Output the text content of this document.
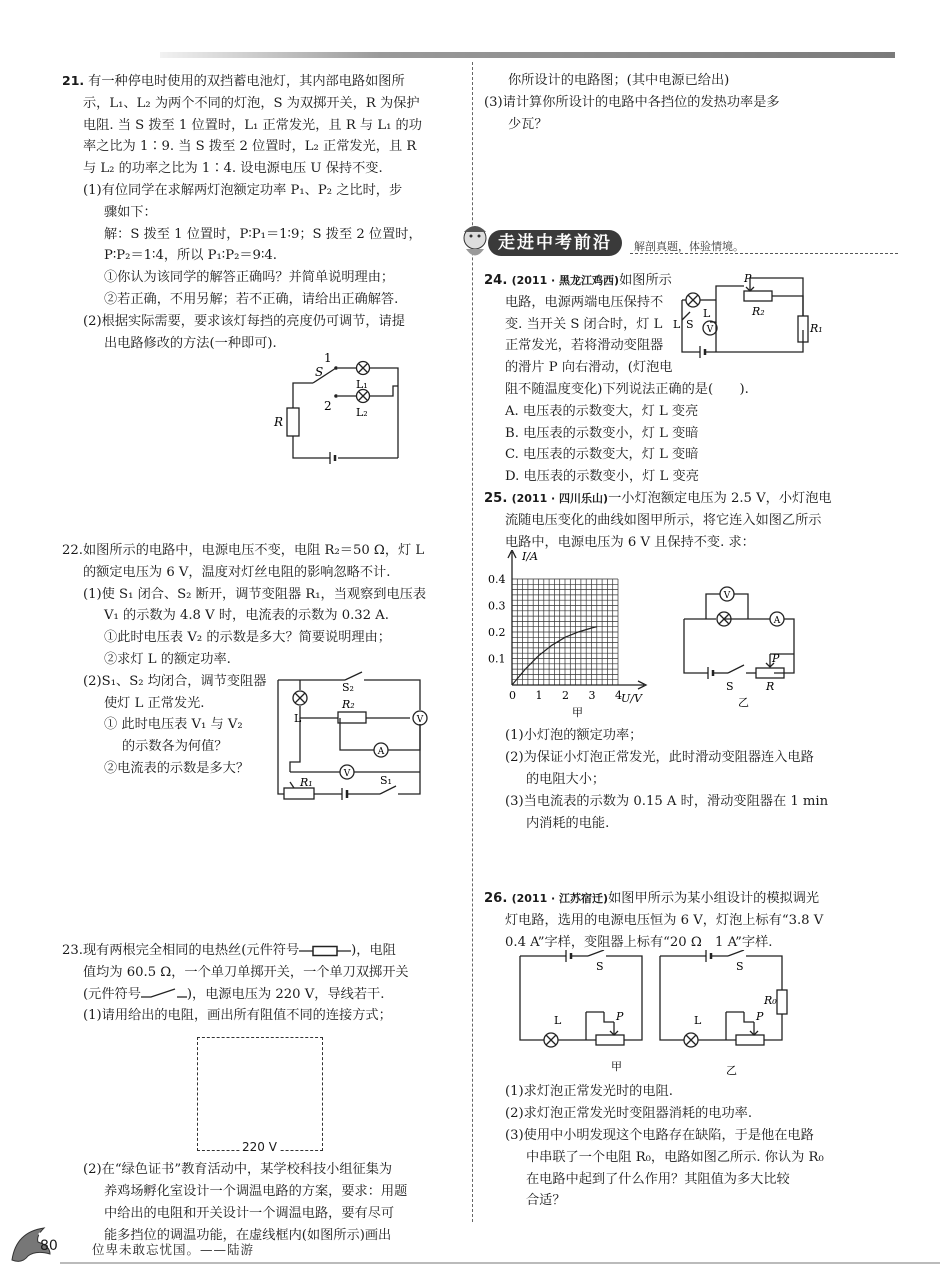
21. 有一种停电时使用的双挡蓄电池灯，其内部电路如图所
示，L₁、L₂ 为两个不同的灯泡，S 为双掷开关，R 为保护
电阻. 当 S 拨至 1 位置时，L₁ 正常发光，且 R 与 L₁ 的功
率之比为 1∶9. 当 S 拨至 2 位置时，L₂ 正常发光，且 R
与 L₂ 的功率之比为 1∶4. 设电源电压 U 保持不变.
(1)有位同学在求解两灯泡额定功率 P₁、P₂ 之比时，步
骤如下：
解：S 拨至 1 位置时，P∶P₁＝1∶9；S 拨至 2 位置时，
P∶P₂＝1∶4，所以 P₁∶P₂＝9∶4.
①你认为该同学的解答正确吗？并简单说明理由；
②若正确，不用另解；若不正确，请给出正确解答.
(2)根据实际需要，要求该灯每挡的亮度仍可调节，请提
出电路修改的方法(一种即可).
S
1
2
L₁
L₂
R
22.如图所示的电路中，电源电压不变，电阻 R₂＝50 Ω，灯 L
的额定电压为 6 V，温度对灯丝电阻的影响忽略不计.
(1)使 S₁ 闭合、S₂ 断开，调节变阻器 R₁，当观察到电压表
V₁ 的示数为 4.8 V 时，电流表的示数为 0.32 A.
①此时电压表 V₂ 的示数是多大？简要说明理由；
②求灯 L 的额定功率.
(2)S₁、S₂ 均闭合，调节变阻器
使灯 L 正常发光.
① 此时电压表 V₁ 与 V₂
的示数各为何值？
②电流表的示数是多大？
A
V
V
S₂
R₂
L
R₁	S₁
23.现有两根完全相同的电热丝(元件符号	)，电阻
值均为 60.5 Ω，一个单刀单掷开关，一个单刀双掷开关
(元件符号	)，电源电压为 220 V，导线若干.
(1)请用给出的电阻，画出所有阻值不同的连接方式；
220 V
(2)在“绿色证书”教育活动中，某学校科技小组征集为
养鸡场孵化室设计一个调温电路的方案，要求：用题
中给出的电阻和开关设计一个调温电路，要有尽可
能多挡位的调温功能，在虚线框内(如图所示)画出
你所设计的电路图；(其中电源已给出)
(3)请计算你所设计的电路中各挡位的发热功率是多
少瓦？
走进中考前沿	解剖真题，体验情境。
24. (2011 · 黑龙江鸡西)如图所示
电路，电源两端电压保持不
变. 当开关 S 闭合时，灯 L
正常发光，若将滑动变阻器
的滑片 P 向右滑动，(灯泡电
阻不随温度变化)下列说法正确的是(　　).
A. 电压表的示数变大，灯 L 变亮
B. 电压表的示数变小，灯 L 变暗
C. 电压表的示数变大，灯 L 变暗
D. 电压表的示数变小，灯 L 变亮
V
L
L S
P
R₂
R₁
25. (2011 · 四川乐山)一小灯泡额定电压为 2.5 V，小灯泡电
流随电压变化的曲线如图甲所示，将它连入如图乙所示
电路中，电源电压为 6 V 且保持不变. 求：
(1)小灯泡的额定功率；
(2)为保证小灯泡正常发光，此时滑动变阻器连入电路
的电阻大小；
(3)当电流表的示数为 0.15 A 时，滑动变阻器在 1 min
内消耗的电能.
0 1 2 3 4
0.1
0.2
0.3
0.4
I/A
U/V
甲
V
A
P
S	R
乙
26. (2011 · 江苏宿迁)如图甲所示为某小组设计的模拟调光
灯电路，选用的电源电压恒为 6 V，灯泡上标有“3.8 V
0.4 A”字样，变阻器上标有“20 Ω　1 A”字样.
(1)求灯泡正常发光时的电阻.
(2)求灯泡正常发光时变阻器消耗的电功率.
(3)使用中小明发现这个电路存在缺陷，于是他在电路
中串联了一个电阻 R₀，电路如图乙所示. 你认为 R₀
在电路中起到了什么作用？其阻值为多大比较
合适？
S
L	P
S
L	P
R₀
甲	乙
80	位卑未敢忘忧国。——陆游
